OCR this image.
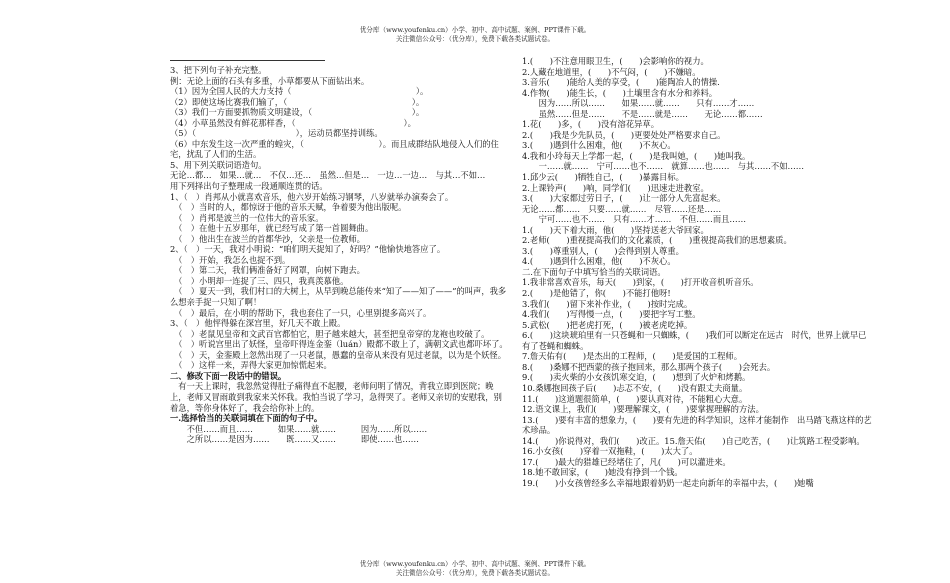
优分库（www.youfenku.cn）小学、初中、高中试题、案例、PPT课件下载。
关注微信公众号：（优分库），免费下载各类试题试卷。
3、把下列句子补充完整。
例：无论上面的石头有多重，小草都要从下面钻出来。
（1）因为全国人民的大力支持（　　　　　　　　　　　　　　　）。
（2）即使这场比赛我们输了，（　　　　　　　　　　　　　　　）。
（3）我们一方面要抓物质文明建设，（　　　　　　　　　　　　）。
（4）小草虽然没有鲜花那样香，（　　　　　　　　　　　　　）。
（5）（　　　　　　　　　　　　），运动员都坚持训练。
（6）中东发生这一次严重的蝗灾，（　　　　　　　　　）。而且成群结队地侵入人们的住宅，扰乱了人们的生活。
5、用下列关联词语造句。
无论…都…　如果…就…　不仅…还…　虽然…但是…　一边…一边…　与其…不如…
用下列择出句子整理成一段通顺连贯的话。
1、（　）肖邦从小就喜欢音乐，他六岁开始练习钢琴，八岁就举办演奏会了。
　（　）当时的人，都惊讶于他的音乐天赋，争着要为他出版呢。
　（　）肖邦是波兰的一位伟大的音乐家。
　（　）在他十五岁那年，就已经写成了第一首圆舞曲。
　（　）他出生在波兰的首都华沙，父亲是一位教师。
2、（　）一天，我对小明说：“咱们明天捉知了，好吗？”他愉快地答应了。
　（　）开始，我怎么也捉不到。
　（　）第二天，我们俩准备好了网罩，向树下跑去。
　（　）小明却一连捉了三、四只，我真羡慕他。
　（　）夏天一到，我们村口的大树上，从早到晚总能传来“知了——知了——”的叫声，我多么想亲手捉一只知了啊！
　（　）最后，在小明的帮助下，我也套住了一只，心里别提多高兴了。
3、（　）他怦得躲在深宫里，好几天不敢上殿。
　（　）老鼠见皇帝和文武百官都怕它，胆子越来越大，甚至把皇帝穿的龙袍也咬破了。
　（　）听说宫里出了妖怪，皇帝吓得连金銮（luán）殿都不敢上了，满朝文武也都吓坏了。
　（　）天，金銮殿上忽然出现了一只老鼠，愚蠢的皇帝从来没有见过老鼠，以为是个妖怪。
　（　）这样一来，弄得大家更加惊慌起来。
二、修改下面一段话中的错误。
　有一天上课时，我忽然觉得肚子痛得直不起腰，老师问明了情况，背我立即到医院；晚上，老师又冒雨敢到我家来关怀我。我怕当说了学习，急得哭了。老师又亲切的安慰我，别着急，等你身体好了，我会给你补上的。
一.选择恰当的关联词填在下面的句子中。
　　不但……而且……　　　如果……就……　　　因为……所以……
　　之所以……是因为……　　既……又……　　　即使……也……
1.(　　)不注意用眼卫生，(　　)会影响你的视力。
2.人藏在地道里，(　　)不气闷，(　　)不嫌暗。
3.音乐(　　)能给人美的享受，(　　)能陶冶人的情操.
4.作物(　　)能生长，(　　)土壤里含有水分和养料。
　　因为……所以……　　如果……就……　　只有……才……
　　虽然……但是……　　不是……就是……　　无论……都……
1.花(　　)多，(　　)没有溶花异草。
2.(　　)我是少先队员，(　　)更要处处严格要求自己。
3.(　　)遇到什么困难，他(　　)不灰心。
4.我和小玲每天上学都一起，(　　)是我叫她，(　　)她叫我。
　　一……就……　宁可……也不……　就算……也……　与其……不如……
1.邱少云(　　)牺牲自己，(　　)暴露目标。
2.上课铃声(　　)响，同学们(　　)迅速走进教室。
3.(　　)大家都过劳日子，(　　)让一部分人先富起来。
无论……都……　只要……就……　尽管……还是……
　　宁可……也不……　只有……才……　不但……而且……
1.(　　)天下着大雨，他(　　)坚持送老大爷回家。
2.老师(　　)重视提高我们的文化素质，(　　)重视提高我们的思想素质。
3.(　　)尊重别人，(　　)会得到别人尊重。
4.(　　)遇到什么困难，他(　　)不灰心。
二.在下面句子中填写恰当的关联词语。
1.我非常喜欢音乐，每天(　　)到家，(　　)打开收音机听音乐。
2.(　　)是他错了，你(　　)不能打他呀!
3.我们(　　)留下来补作业，(　　)按时完成。
4.我们(　　)写得慢一点，(　　)要把字写工整。
5.武松(　　)把老虎打死，(　　)被老虎吃掉。
6.(　　)这块琥珀里有一只苍蝇和一只蜘蛛，(　　)我们可以断定在远古　时代，世界上就早已有了苍蝇和蜘蛛。
7.詹天佑有(　　)是杰出的工程师，(　　)是爱国的工程师。
8.(　　)桑娜不把西蒙的孩子抱回来，那么那两个孩子(　　)会死去。
9.(　　)卖火柴的小女孩饥寒交迫，(　　)想到了火炉和烤鹅。
10.桑娜抱回孩子后(　　)忐忑不安，(　　)没有跟丈夫商量。
11.(　　)这道题很简单，(　　)要认真对待，不能粗心大意。
12.语文课上，我们(　　)要理解课文，(　　)要掌握理解的方法。
13.(　　)要有丰富的想象力，(　　)要有先进的科学知识，这样才能制作　出马踏飞燕这样的艺术珍品。
14.(　　)你说得对，我们(　　)改正。15.詹天佑(　　)自己吃苦，(　　)让筑路工程受影响。
16.小女孩(　　)穿着一双拖鞋，(　　)太大了。
17.(　　)最大的猎雄已经堵住了，凡(　　)可以灌进来。
18.她不敢回家，(　　)她没有挣到一个钱。
19.(　　)小女孩曾经多么幸福地跟着奶奶一起走向新年的幸福中去，(　　)她嘴
优分库（www.youfenku.cn）小学、初中、高中试题、案例、PPT课件下载。
关注微信公众号：（优分库），免费下载各类试题试卷。
